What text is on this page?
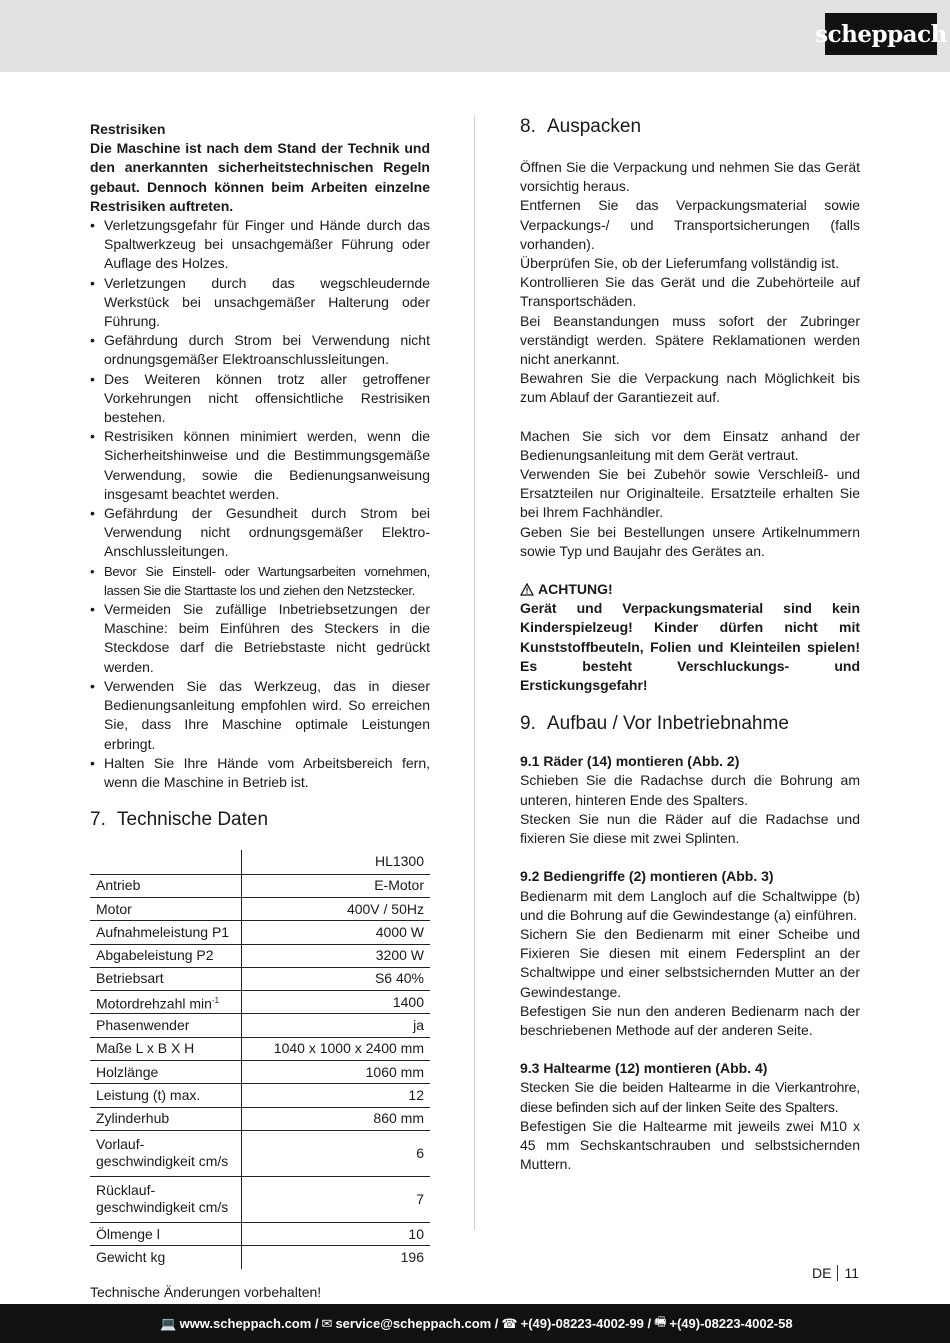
scheppach
Restrisiken
Die Maschine ist nach dem Stand der Technik und den anerkannten sicherheitstechnischen Regeln gebaut. Dennoch können beim Arbeiten einzelne Restrisiken auftreten.
• Verletzungsgefahr für Finger und Hände durch das Spaltwerkzeug bei unsachgemäßer Führung oder Auflage des Holzes.
• Verletzungen durch das wegschleudernde Werkstück bei unsachgemäßer Halterung oder Führung.
• Gefährdung durch Strom bei Verwendung nicht ordnungsgemäßer Elektroanschlussleitungen.
• Des Weiteren können trotz aller getroffener Vorkehrungen nicht offensichtliche Restrisiken bestehen.
• Restrisiken können minimiert werden, wenn die Sicherheitshinweise und die Bestimmungsgemäße Verwendung, sowie die Bedienungsanweisung insgesamt beachtet werden.
• Gefährdung der Gesundheit durch Strom bei Verwendung nicht ordnungsgemäßer Elektro-Anschlussleitungen.
• Bevor Sie Einstell- oder Wartungsarbeiten vornehmen, lassen Sie die Starttaste los und ziehen den Netzstecker.
• Vermeiden Sie zufällige Inbetriebsetzungen der Maschine: beim Einführen des Steckers in die Steckdose darf die Betriebstaste nicht gedrückt werden.
• Verwenden Sie das Werkzeug, das in dieser Bedienungsanleitung empfohlen wird. So erreichen Sie, dass Ihre Maschine optimale Leistungen erbringt.
• Halten Sie Ihre Hände vom Arbeitsbereich fern, wenn die Maschine in Betrieb ist.
7. Technische Daten
	HL1300
Antrieb	E-Motor
Motor	400V / 50Hz
Aufnahmeleistung P1	4000 W
Abgabeleistung P2	3200 W
Betriebsart	S6 40%
Motordrehzahl $\min^{-1}$	1400
Phasenwender	ja
Maße L x B X H	1040 x 1000 x 2400 mm
Holzlänge	1060 mm
Leistung (t) max.	12
Zylinderhub	860 mm
Vorlauf-
geschwindigkeit cm/s	6
Rücklauf-
geschwindigkeit cm/s	7
Ölmenge l	10
Gewicht kg	196
Technische Änderungen vorbehalten!
8. Auspacken
Öffnen Sie die Verpackung und nehmen Sie das Gerät vorsichtig heraus.
Entfernen Sie das Verpackungsmaterial sowie Verpackungs-/ und Transportsicherungen (falls vorhanden).
Überprüfen Sie, ob der Lieferumfang vollständig ist.
Kontrollieren Sie das Gerät und die Zubehörteile auf Transportschäden.
Bei Beanstandungen muss sofort der Zubringer verständigt werden. Spätere Reklamationen werden nicht anerkannt.
Bewahren Sie die Verpackung nach Möglichkeit bis zum Ablauf der Garantiezeit auf.
Machen Sie sich vor dem Einsatz anhand der Bedienungsanleitung mit dem Gerät vertraut.
Verwenden Sie bei Zubehör sowie Verschleiß- und Ersatzteilen nur Originalteile. Ersatzteile erhalten Sie bei Ihrem Fachhändler.
Geben Sie bei Bestellungen unsere Artikelnummern sowie Typ und Baujahr des Gerätes an.
ACHTUNG!
Gerät und Verpackungsmaterial sind kein Kinderspielzeug! Kinder dürfen nicht mit Kunststoffbeuteln, Folien und Kleinteilen spielen! Es besteht Verschluckungs- und Erstickungsgefahr!
9. Aufbau / Vor Inbetriebnahme
9.1 Räder (14) montieren (Abb. 2)
Schieben Sie die Radachse durch die Bohrung am unteren, hinteren Ende des Spalters.
Stecken Sie nun die Räder auf die Radachse und fixieren Sie diese mit zwei Splinten.
9.2 Bediengriffe (2) montieren (Abb. 3)
Bedienarm mit dem Langloch auf die Schaltwippe (b) und die Bohrung auf die Gewindestange (a) einführen.
Sichern Sie den Bedienarm mit einer Scheibe und Fixieren Sie diesen mit einem Federsplint an der Schaltwippe und einer selbstsichernden Mutter an der Gewindestange.
Befestigen Sie nun den anderen Bedienarm nach der beschriebenen Methode auf der anderen Seite.
9.3 Haltearme (12) montieren (Abb. 4)
Stecken Sie die beiden Haltearme in die Vierkantrohre, diese befinden sich auf der linken Seite des Spalters.
Befestigen Sie die Haltearme mit jeweils zwei M10 x 45 mm Sechskantschrauben und selbstsichernden Muttern.
DE 11
💻 www.scheppach.com / ✉ service@scheppach.com / ☎ +(49)-08223-4002-99 / 🖷 +(49)-08223-4002-58
